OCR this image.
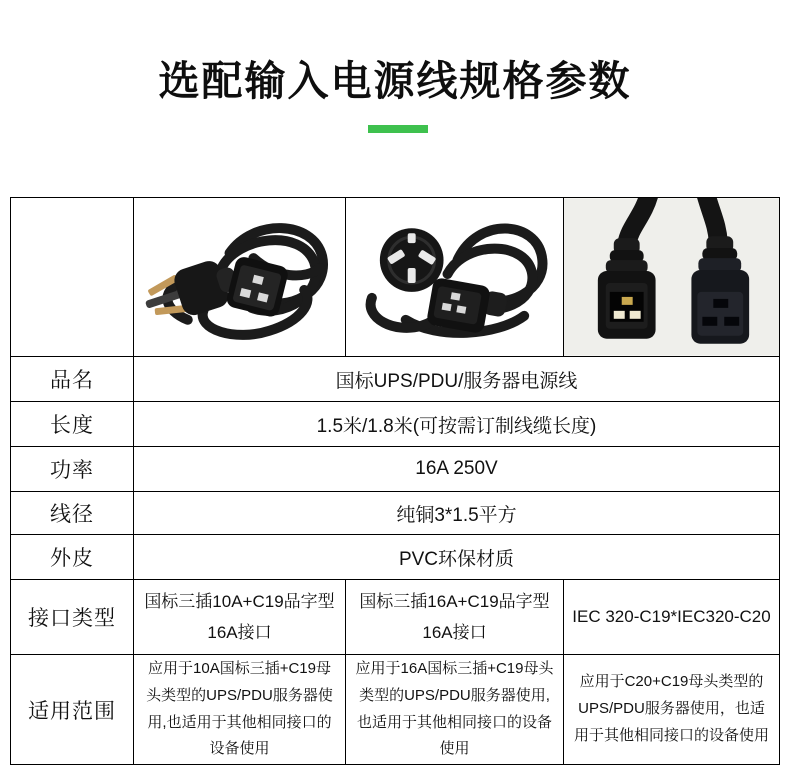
选配输入电源线规格参数

品名	国标UPS/PDU/服务器电源线		
长度	1.5米/1.8米(可按需订制线缆长度)		
功率	16A 250V		
线径	纯铜3*1.5平方		
外皮	PVC环保材质		
接口类型	国标三插10A+C19品字型16A接口	国标三插16A+C19品字型16A接口	IEC 320-C19*IEC320-C20
适用范围	应用于10A国标三插+C19母头类型的UPS/PDU服务器使用,也适用于其他相同接口的设备使用	应用于16A国标三插+C19母头类型的UPS/PDU服务器使用,也适用于其他相同接口的设备使用	应用于C20+C19母头类型的UPS/PDU服务器使用，也适用于其他相同接口的设备使用
